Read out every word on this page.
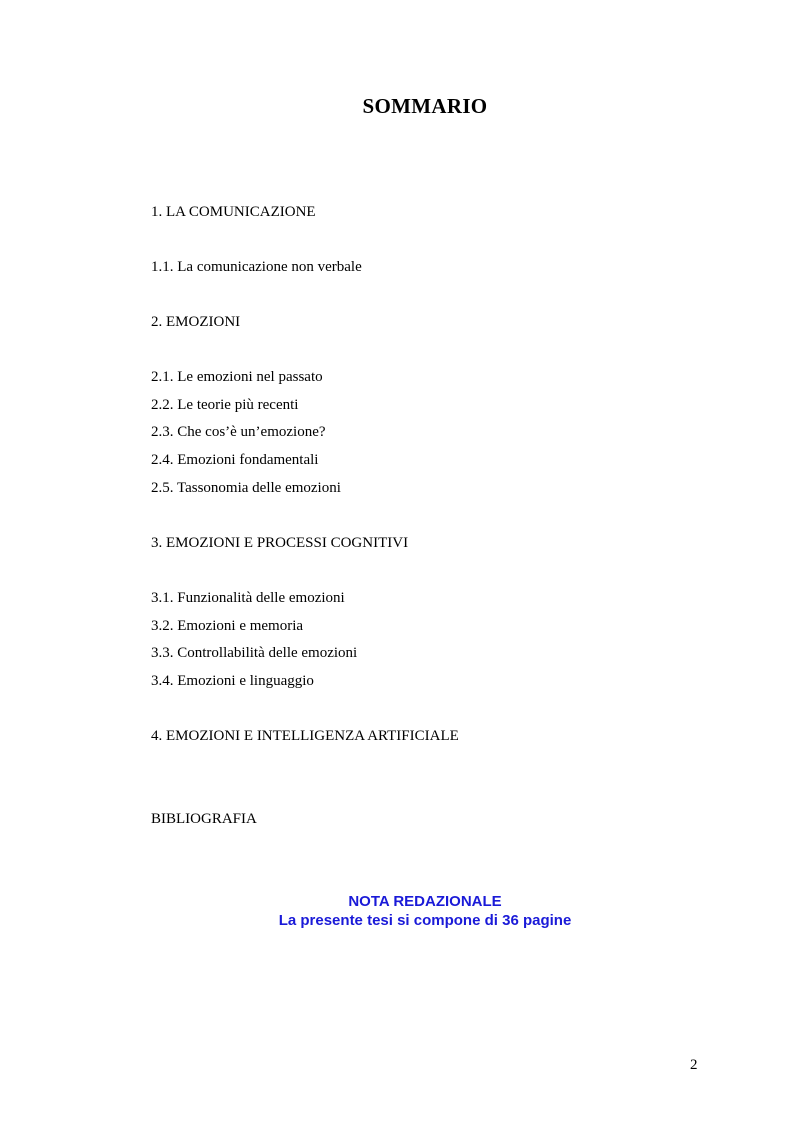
SOMMARIO
1. LA COMUNICAZIONE
1.1. La comunicazione non verbale
2. EMOZIONI
2.1. Le emozioni nel passato
2.2. Le teorie più recenti
2.3. Che cos’è un’emozione?
2.4. Emozioni fondamentali
2.5. Tassonomia delle emozioni
3. EMOZIONI E PROCESSI COGNITIVI
3.1. Funzionalità delle emozioni
3.2. Emozioni e memoria
3.3. Controllabilità delle emozioni
3.4. Emozioni e linguaggio
4. EMOZIONI E INTELLIGENZA ARTIFICIALE
BIBLIOGRAFIA
NOTA REDAZIONALE
La presente tesi si compone di 36 pagine
2
